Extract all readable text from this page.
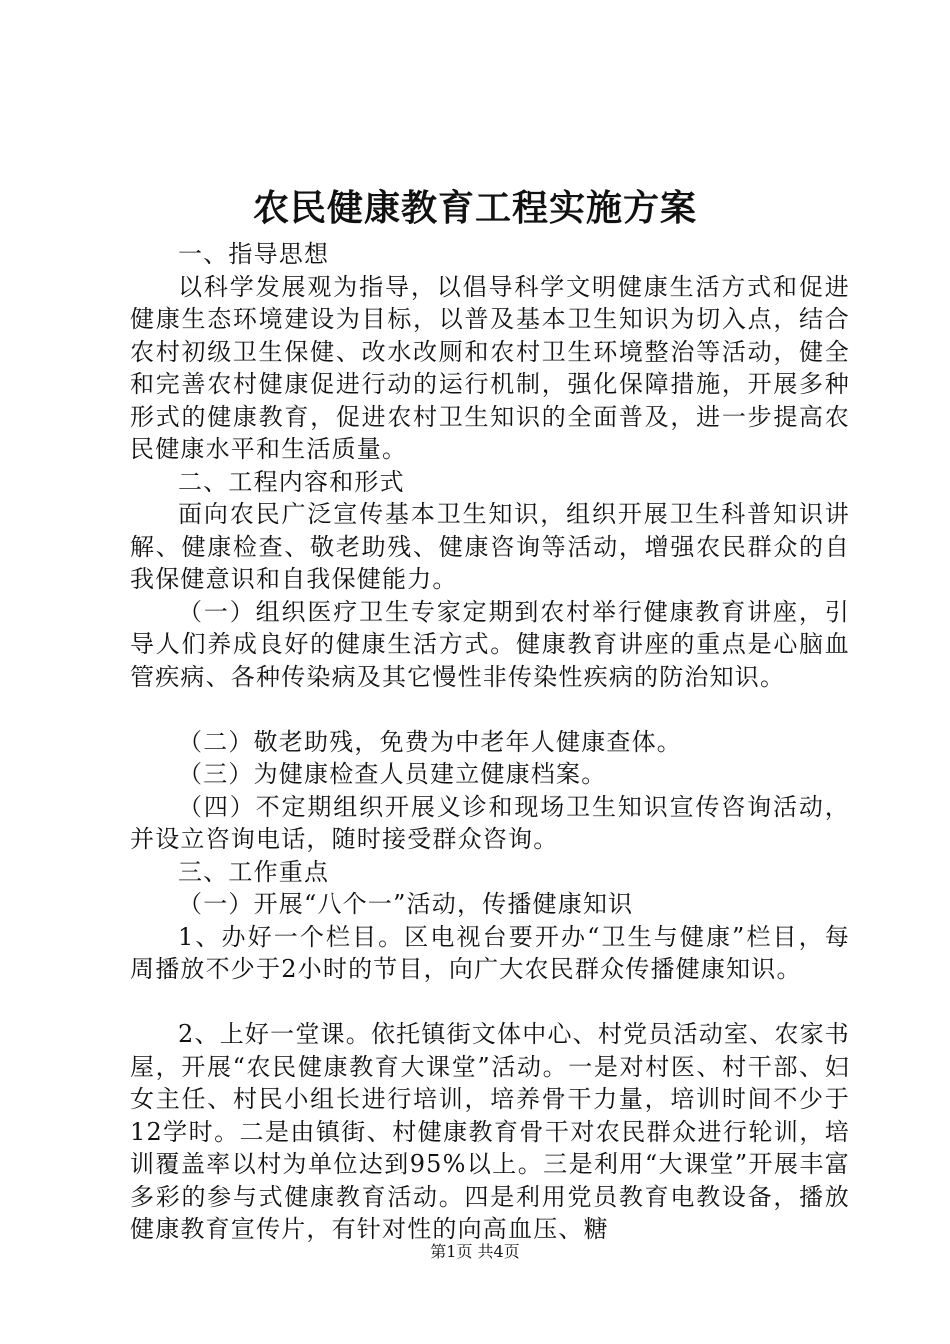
农民健康教育工程实施方案

一、指导思想

以科学发展观为指导，以倡导科学文明健康生活方式和促进健康生态环境建设为目标，以普及基本卫生知识为切入点，结合农村初级卫生保健、改水改厕和农村卫生环境整治等活动，健全和完善农村健康促进行动的运行机制，强化保障措施，开展多种形式的健康教育，促进农村卫生知识的全面普及，进一步提高农民健康水平和生活质量。

二、工程内容和形式

面向农民广泛宣传基本卫生知识，组织开展卫生科普知识讲解、健康检查、敬老助残、健康咨询等活动，增强农民群众的自我保健意识和自我保健能力。

（一）组织医疗卫生专家定期到农村举行健康教育讲座，引导人们养成良好的健康生活方式。健康教育讲座的重点是心脑血管疾病、各种传染病及其它慢性非传染性疾病的防治知识。

（二）敬老助残，免费为中老年人健康查体。

（三）为健康检查人员建立健康档案。

（四）不定期组织开展义诊和现场卫生知识宣传咨询活动，并设立咨询电话，随时接受群众咨询。

三、工作重点

（一）开展“八个一”活动，传播健康知识

1、办好一个栏目。区电视台要开办“卫生与健康”栏目，每周播放不少于2小时的节目，向广大农民群众传播健康知识。

2、上好一堂课。依托镇街文体中心、村党员活动室、农家书屋，开展“农民健康教育大课堂”活动。一是对村医、村干部、妇女主任、村民小组长进行培训，培养骨干力量，培训时间不少于12学时。二是由镇街、村健康教育骨干对农民群众进行轮训，培训覆盖率以村为单位达到95%以上。三是利用“大课堂”开展丰富多彩的参与式健康教育活动。四是利用党员教育电教设备，播放健康教育宣传片，有针对性的向高血压、糖

第1页 共4页
